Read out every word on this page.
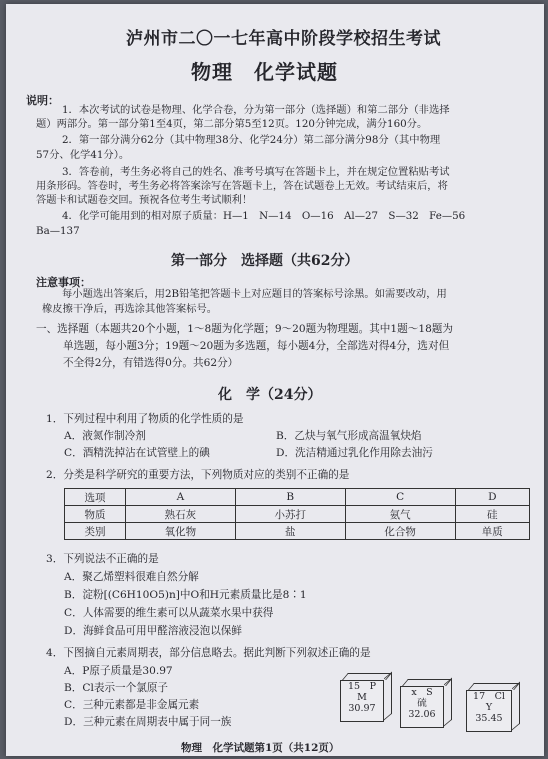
泸州市二〇一七年高中阶段学校招生考试
物理　化学试题
说明：
1．本次考试的试卷是物理、化学合卷，分为第一部分（选择题）和第二部分（非选择
题）两部分。第一部分第1至4页，第二部分第5至12页。120分钟完成，满分160分。
2．第一部分满分62分（其中物理38分、化学24分）第二部分满分98分（其中物理
57分、化学41分）。
3．答卷前，考生务必将自己的姓名、准考号填写在答题卡上，并在规定位置粘贴考试
用条形码。答卷时，考生务必将答案涂写在答题卡上，答在试题卷上无效。考试结束后，将
答题卡和试题卷交回。预祝各位考生考试顺利！
4．化学可能用到的相对原子质量：H—1　N—14　O—16　Al—27　S—32　Fe—56
Ba—137
第一部分　选择题（共62分）
注意事项：
每小题选出答案后，用2B铅笔把答题卡上对应题目的答案标号涂黑。如需要改动，用
橡皮擦干净后，再选涂其他答案标号。
一、选择题（本题共20个小题，1～8题为化学题；9～20题为物理题。其中1题～18题为
单选题，每小题3分；19题～20题为多选题，每小题4分，全部选对得4分，选对但
不全得2分，有错选得0分。共62分）
化　学（24分）
1．下列过程中利用了物质的化学性质的是
A．液氮作制冷剂	B．乙炔与氧气形成高温氧炔焰
C．酒精洗掉沾在试管壁上的碘	D．洗洁精通过乳化作用除去油污
2．分类是科学研究的重要方法，下列物质对应的类别不正确的是
选项	A	B	C	D
物质	熟石灰	小苏打	氨气	硅
类别	氧化物	盐	化合物	单质
3．下列说法不正确的是
A．聚乙烯塑料很难自然分解
B．淀粉[(C6H10O5)n]中O和H元素质量比是8∶1
C．人体需要的维生素可以从蔬菜水果中获得
D．海鲜食品可用甲醛溶液浸泡以保鲜
4．下图摘自元素周期表，部分信息略去。据此判断下列叙述正确的是
A．P原子质量是30.97
B．Cl表示一个氯原子
C．三种元素都是非金属元素
D．三种元素在周期表中属于同一族
15　P
M
30.97
x　S
硫
32.06
17　Cl
Y
35.45
物理　化学试题第1页（共12页）
